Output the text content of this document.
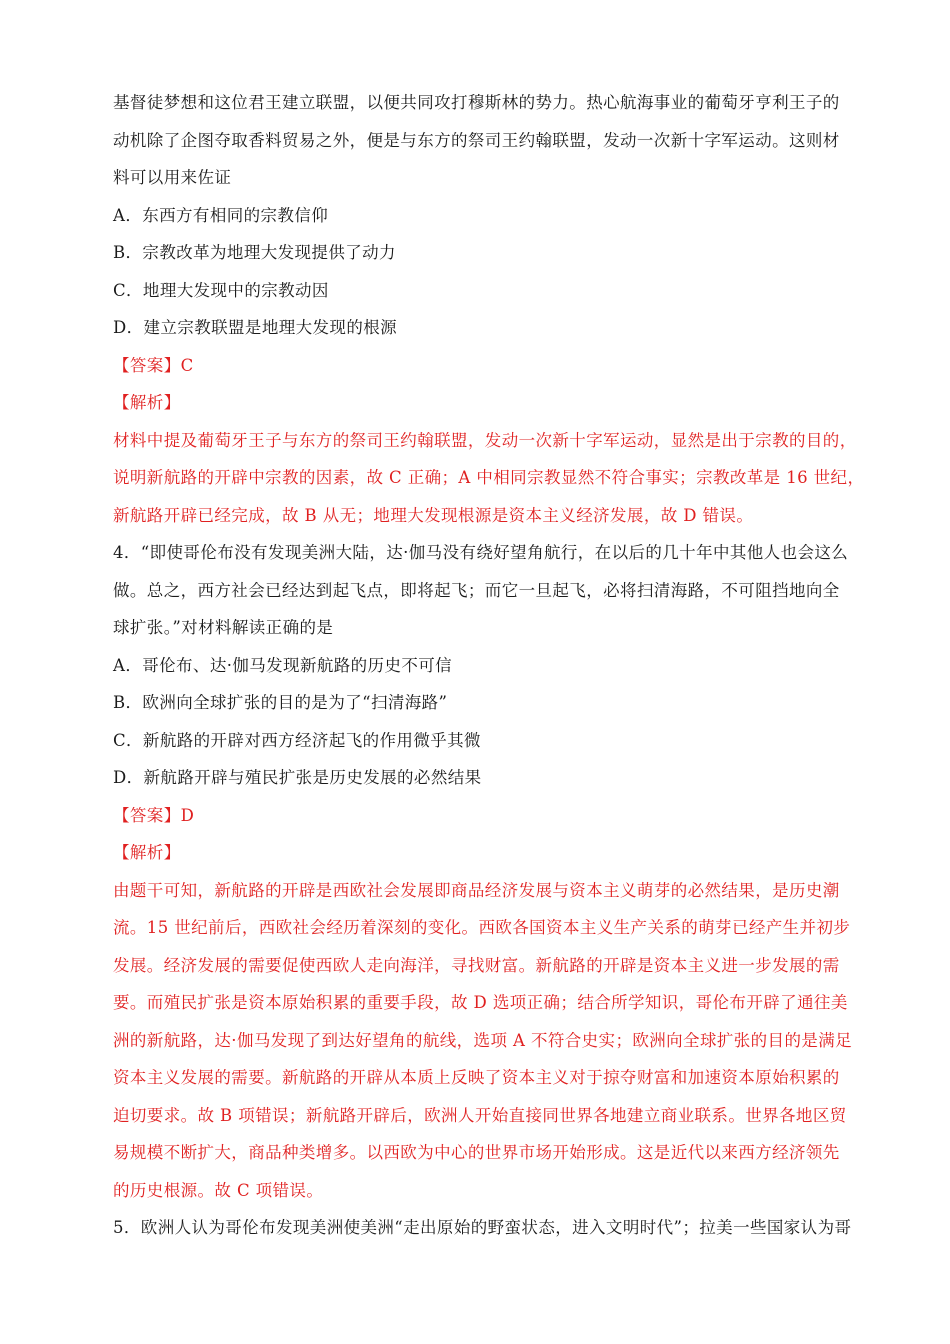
基督徒梦想和这位君王建立联盟，以便共同攻打穆斯林的势力。热心航海事业的葡萄牙亨利王子的
动机除了企图夺取香料贸易之外，便是与东方的祭司王约翰联盟，发动一次新十字军运动。这则材
料可以用来佐证
A．东西方有相同的宗教信仰
B．宗教改革为地理大发现提供了动力
C．地理大发现中的宗教动因
D．建立宗教联盟是地理大发现的根源
【答案】C
【解析】
材料中提及葡萄牙王子与东方的祭司王约翰联盟，发动一次新十字军运动，显然是出于宗教的目的，
说明新航路的开辟中宗教的因素，故 C 正确；A 中相同宗教显然不符合事实；宗教改革是 16 世纪，
新航路开辟已经完成，故 B 从无；地理大发现根源是资本主义经济发展，故 D 错误。
4．“即使哥伦布没有发现美洲大陆，达·伽马没有绕好望角航行，在以后的几十年中其他人也会这么
做。总之，西方社会已经达到起飞点，即将起飞；而它一旦起飞，必将扫清海路，不可阻挡地向全
球扩张。”对材料解读正确的是
A．哥伦布、达·伽马发现新航路的历史不可信
B．欧洲向全球扩张的目的是为了“扫清海路”
C．新航路的开辟对西方经济起飞的作用微乎其微
D．新航路开辟与殖民扩张是历史发展的必然结果
【答案】D
【解析】
由题干可知，新航路的开辟是西欧社会发展即商品经济发展与资本主义萌芽的必然结果，是历史潮
流。15 世纪前后，西欧社会经历着深刻的变化。西欧各国资本主义生产关系的萌芽已经产生并初步
发展。经济发展的需要促使西欧人走向海洋，寻找财富。新航路的开辟是资本主义进一步发展的需
要。而殖民扩张是资本原始积累的重要手段，故 D 选项正确；结合所学知识，哥伦布开辟了通往美
洲的新航路，达·伽马发现了到达好望角的航线，选项 A 不符合史实；欧洲向全球扩张的目的是满足
资本主义发展的需要。新航路的开辟从本质上反映了资本主义对于掠夺财富和加速资本原始积累的
迫切要求。故 B 项错误；新航路开辟后，欧洲人开始直接同世界各地建立商业联系。世界各地区贸
易规模不断扩大，商品种类增多。以西欧为中心的世界市场开始形成。这是近代以来西方经济领先
的历史根源。故 C 项错误。
5．欧洲人认为哥伦布发现美洲使美洲“走出原始的野蛮状态，进入文明时代”；拉美一些国家认为哥
